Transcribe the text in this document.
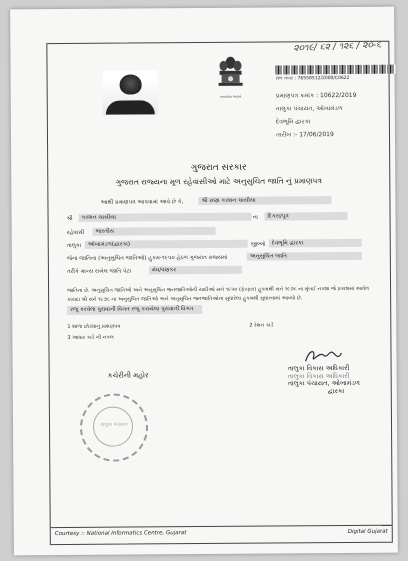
૨૦૧૯/ ૬૨ / ૧૨૬ / ૨૦-૬
સત્યમેવ જયતે
રોલ નંબર : 76558512/2000/C0622
પ્રમાણપત્ર ક્રમાંક : 10622/2019
તાલુકા પંચાયત, ઓખામંડળ
દેવભૂમિ દ્વારકા
તારીખ :- 17/06/2019
ગુજરાત સરકાર
ગુજરાત રાજ્યના મૂળ રહેવાસીઓ માટે અનુસુચિત જાતિ નું પ્રમાણપત્ર
આથી પ્રમાણપત્ર આપવામાં આવે છે કે,	શ્રી રાણા કરશન ચાસીયા
શ્રી	કરશન ચાસીયા	ના	દિકરા/પુત્ર
રહેવાસી	ભારતીય
તાલુકા	ઓખામંડળ(દ્વારકા)	જીલ્લો	દેવભૂમિ દ્વારકા
જેના જાતિના (અનુસુચિત જાતિઓ) હુકમ-૧૯૫૦ હેઠળ ગુજરાત રાજ્યમાં	અનુસુચિત જાતિ
તરીકે માન્ય રાખેલ જાતિ પેટા	મેઘ/વણકર
જાતિના છે. અનુસુચિત જાતિઓ અને અનુસુચિત જનજાતિઓની યાદીઓ સને ૧૯૫૦ (ફેરફાર) હુકમથી સને ૧૯૭૬ ના મુંબઈ નક્શા જે પ્રકાશમાં આવેલ કાયદા શ્રી સને ૧૯૭૬ ના અનુસુચિત જાતિઓ અને અનુસુચિત જનજાતિઓના સુધારેલા હુકમથી સુધારવામાં આવ્યો છે.
રજુ કરવેલા પુરાવાની વિગત રજુ કરાયેલા પુરાવાની વિગત
1 શાળા છોડ્યાનુ પ્રમાણપત્ર	2 રેશન કાર્ડ
3 આધાર કાર્ડ ની નકલ
તાલુકા વિકાસ અધિકારી
તાલુકા વિકાસ અધિકારી
તાલુકા પંચાયત, ઓખામંડળ
દ્વારકા
કચેરીની મહોર
તાલુકા પંચાયત
Courtesy :: National Informatics Centre, Gujarat	Digital Gujarat
